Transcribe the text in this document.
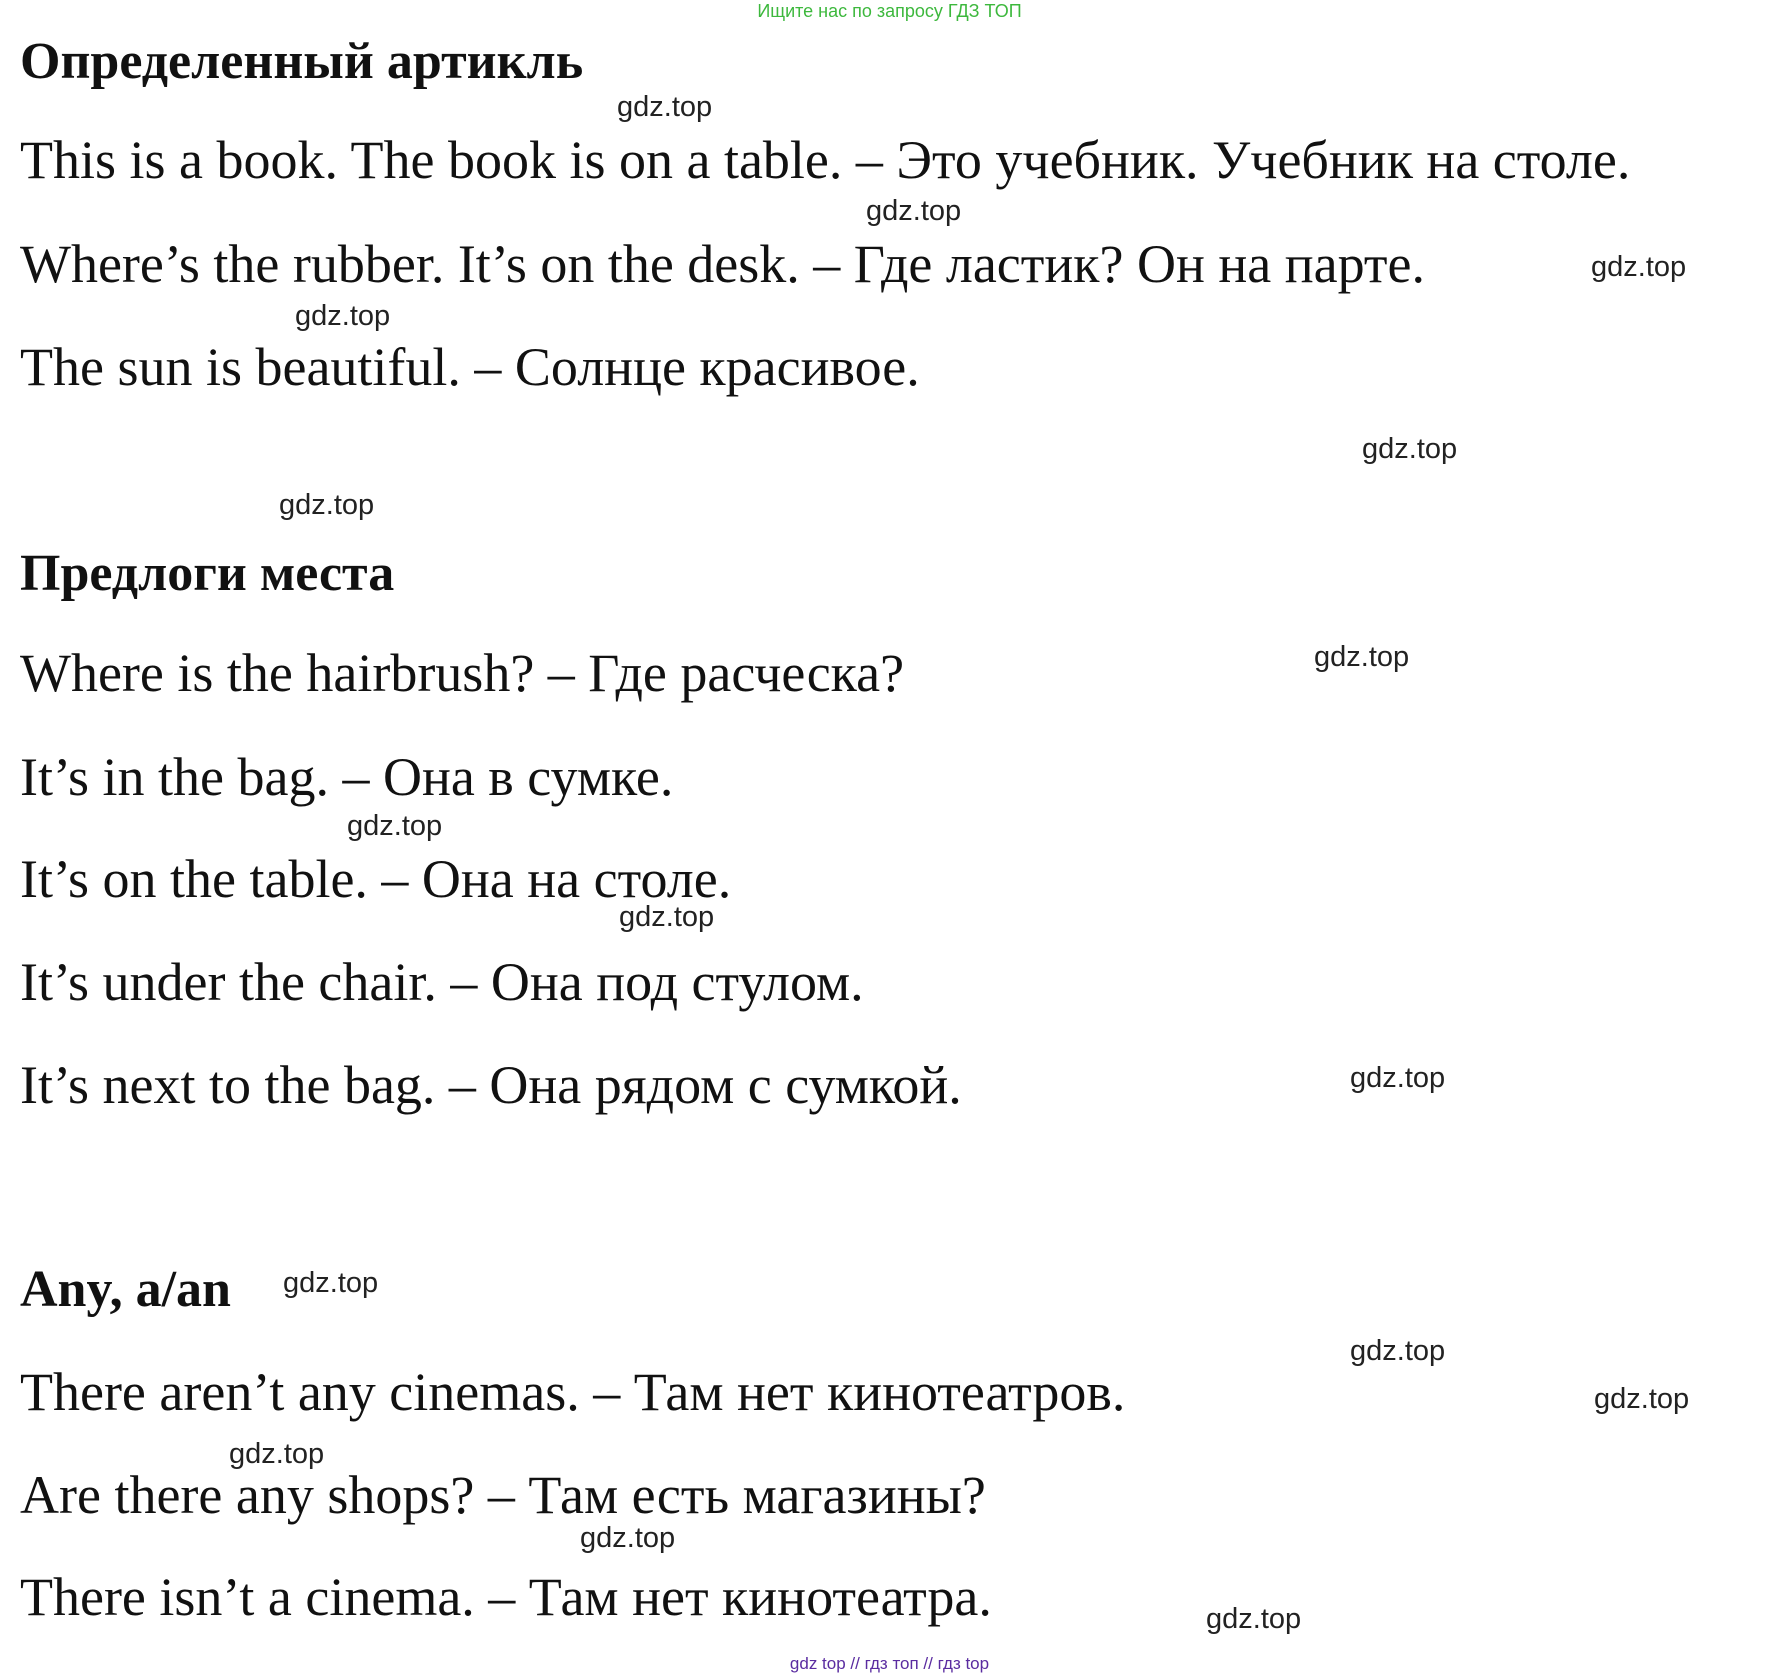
Ищите нас по запросу ГДЗ ТОП
Определенный артикль
This is a book. The book is on a table. – Это учебник. Учебник на столе.
Where’s the rubber. It’s on the desk. – Где ластик? Он на парте.
The sun is beautiful. – Солнце красивое.
Предлоги места
Where is the hairbrush? – Где расческа?
It’s in the bag. – Она в сумке.
It’s on the table. – Она на столе.
It’s under the chair. – Она под стулом.
It’s next to the bag. – Она рядом с сумкой.
Any, a/an
There aren’t any cinemas. – Там нет кинотеатров.
Are there any shops? – Там есть магазины?
There isn’t a cinema. – Там нет кинотеатра.
gdz.top
gdz.top
gdz.top
gdz.top
gdz.top
gdz.top
gdz.top
gdz.top
gdz.top
gdz.top
gdz.top
gdz.top
gdz.top
gdz.top
gdz.top
gdz.top
gdz top // гдз топ // гдз top
